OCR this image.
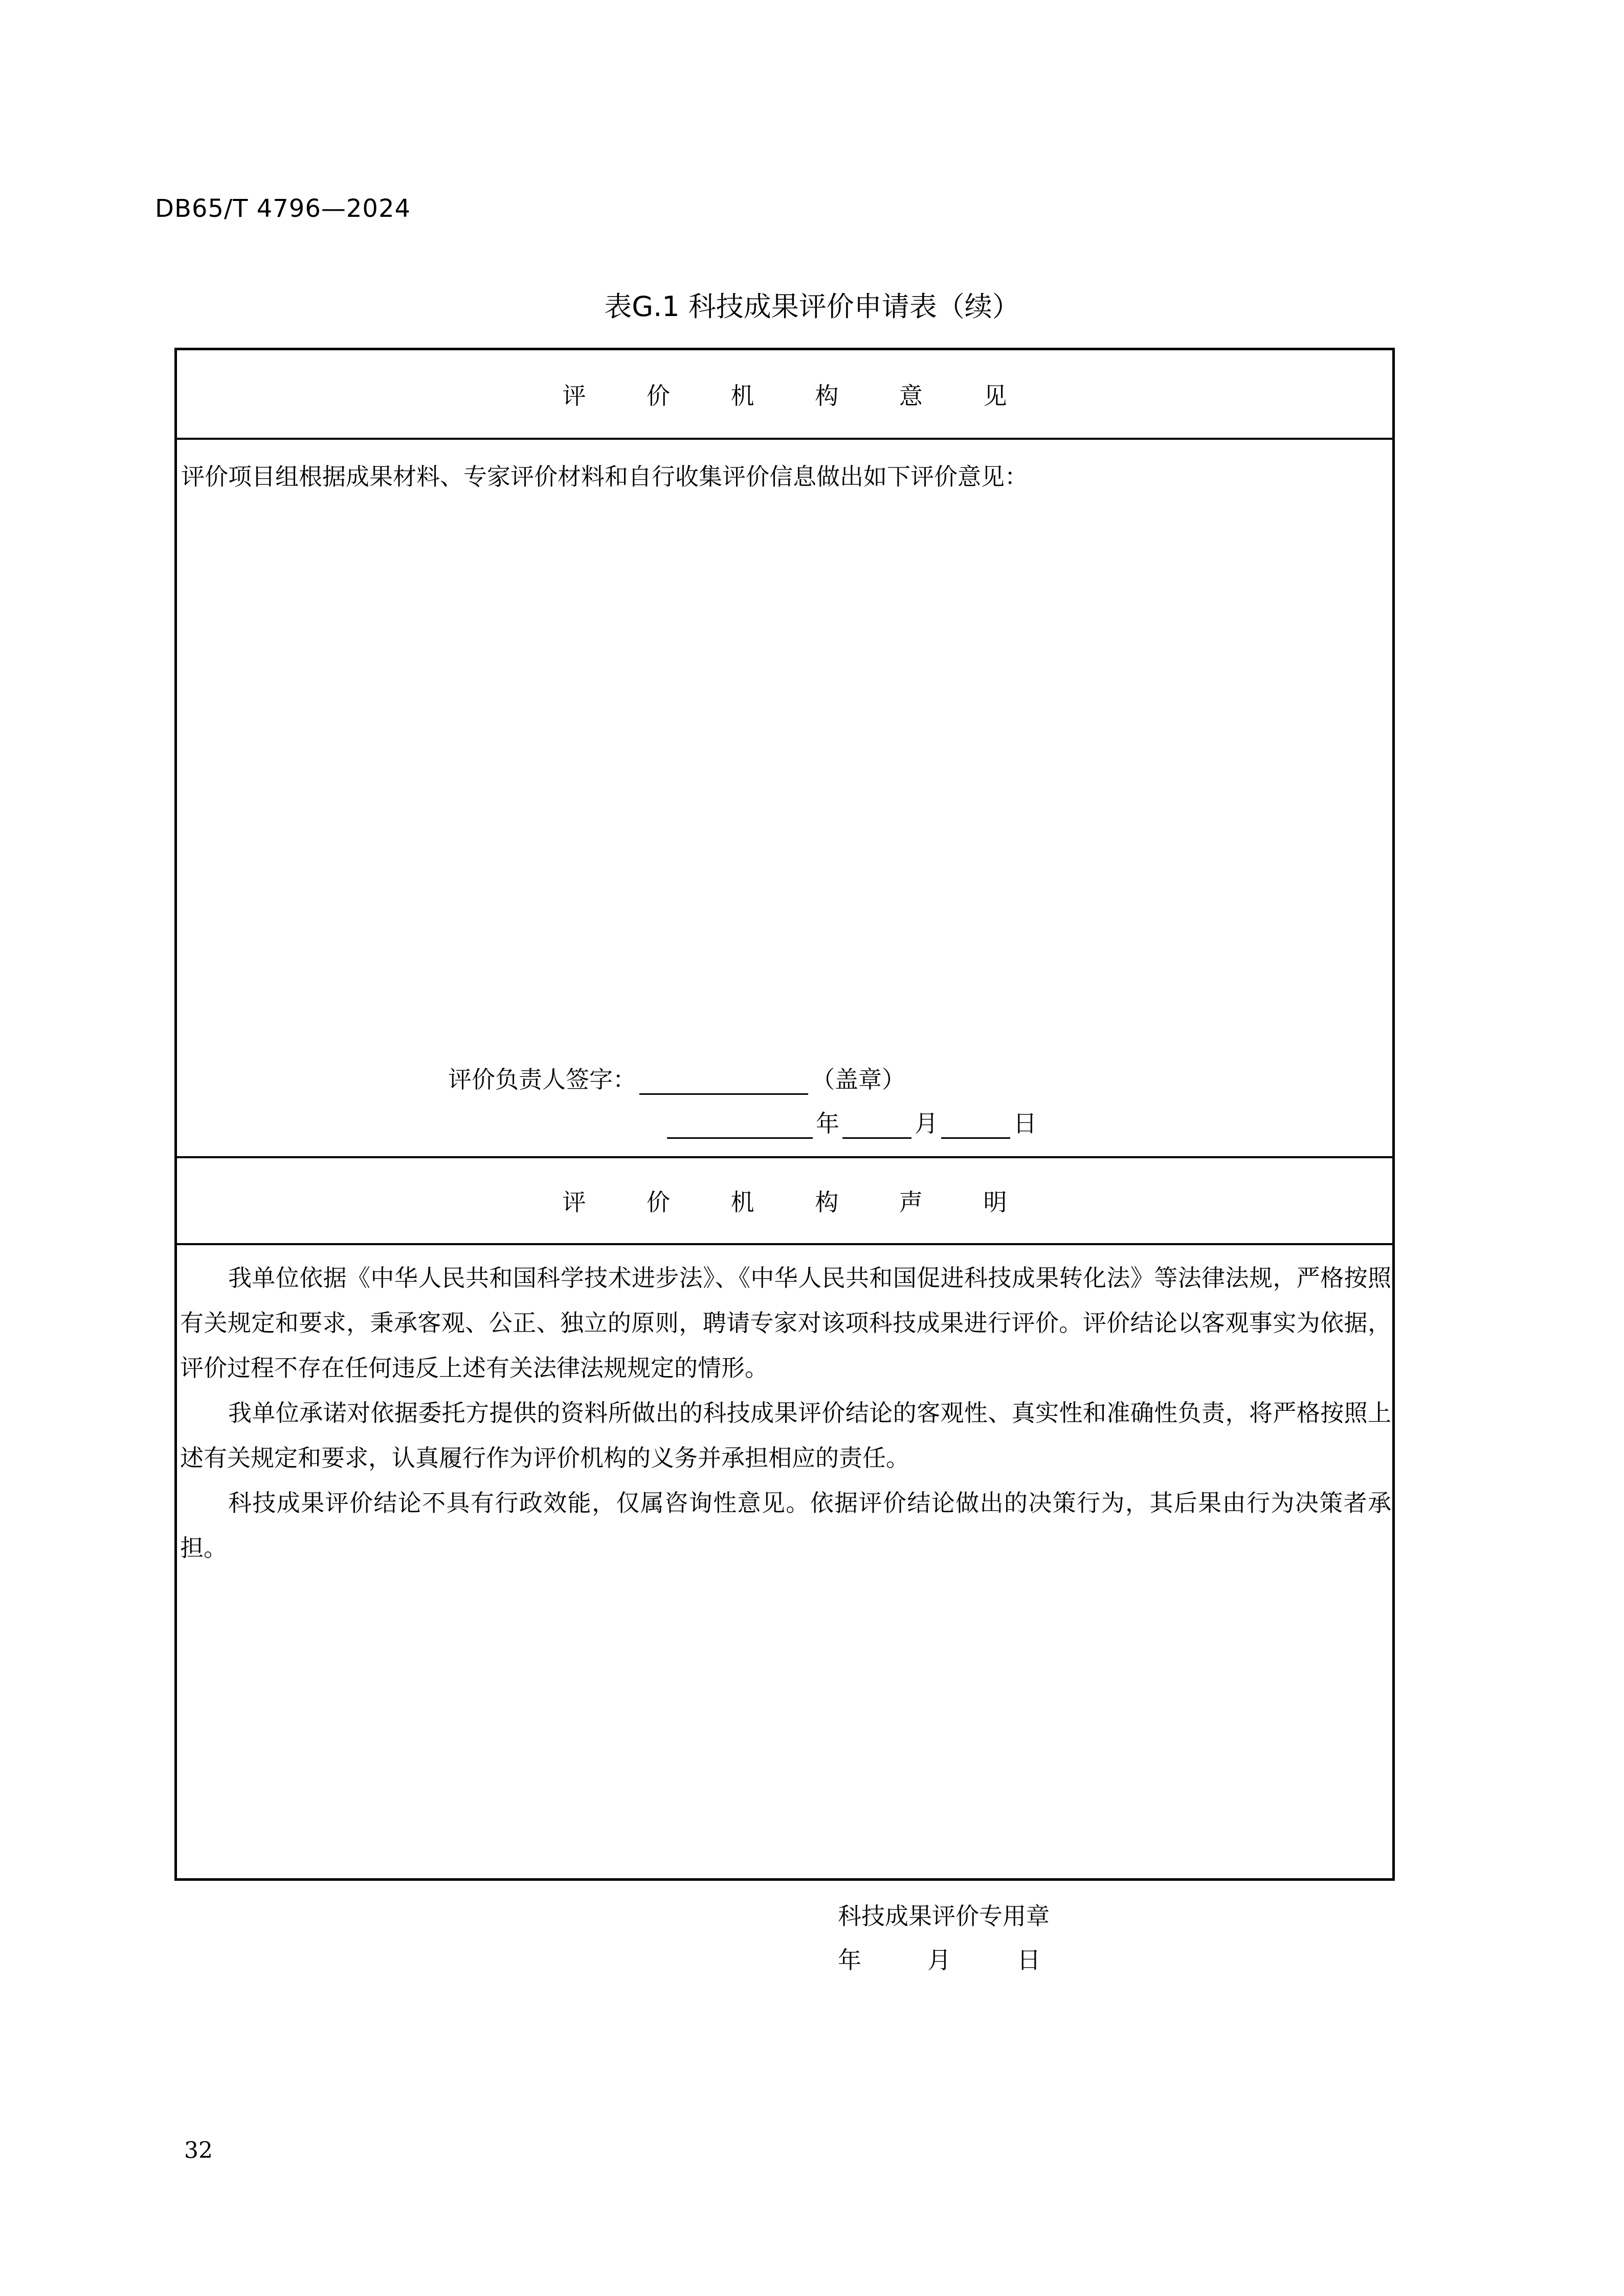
DB65/T 4796—2024
表G.1 科技成果评价申请表（续）
评 价 机 构 意 见
评价项目组根据成果材料、专家评价材料和自行收集评价信息做出如下评价意见：
评价负责人签字：	（盖章）
年	月	日
评 价 机 构 声 明

我单位依据《中华人民共和国科学技术进步法》、《中华人民共和国促进科技成果转化法》等法律法规，严格按照有关规定和要求，秉承客观、公正、独立的原则，聘请专家对该项科技成果进行评价。评价结论以客观事实为依据，评价过程不存在任何违反上述有关法律法规规定的情形。

我单位承诺对依据委托方提供的资料所做出的科技成果评价结论的客观性、真实性和准确性负责，将严格按照上述有关规定和要求，认真履行作为评价机构的义务并承担相应的责任。

科技成果评价结论不具有行政效能，仅属咨询性意见。依据评价结论做出的决策行为，其后果由行为决策者承担。

科技成果评价专用章
年	月	日
32
